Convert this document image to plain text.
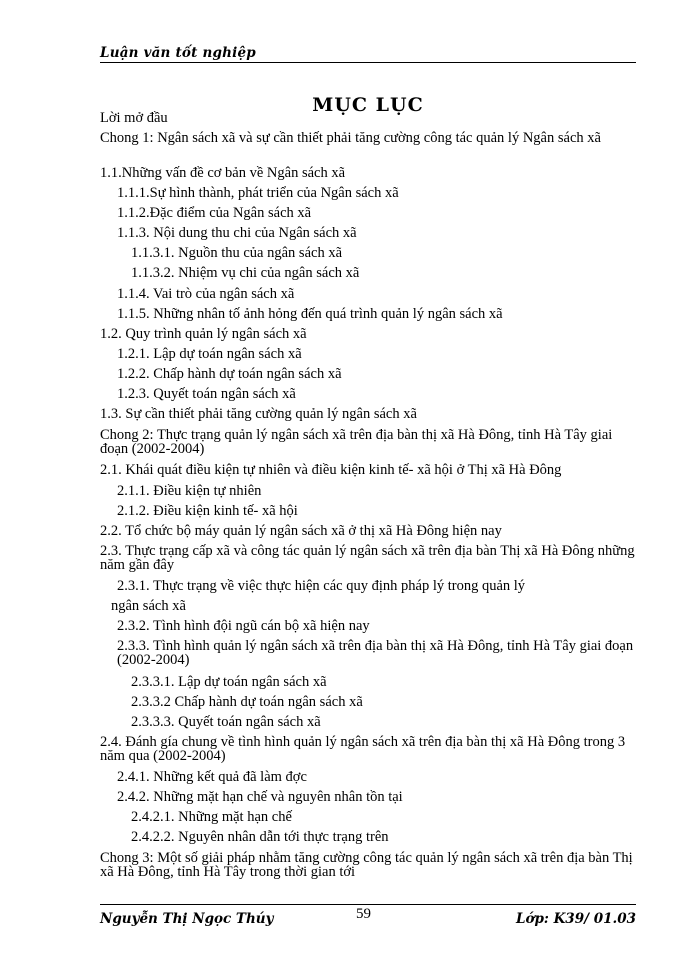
Luận văn tốt nghiệp
MỤC LỤC
Lời mở đầu
Chong 1: Ngân sách xã và sự cần thiết phải tăng cường công tác quản lý Ngân sách xã
1.1.Những vấn đề cơ bản về Ngân sách xã
1.1.1.Sự hình thành, phát triển của Ngân sách xã
1.1.2.Đặc điểm của Ngân sách xã
1.1.3. Nội dung thu chi của Ngân sách xã
1.1.3.1. Nguồn thu của ngân sách xã
1.1.3.2. Nhiệm vụ chi của ngân sách xã
1.1.4. Vai trò của ngân sách xã
1.1.5. Những nhân tố ảnh hỏng đến quá trình quản lý ngân sách xã
1.2. Quy trình quản lý ngân sách xã
1.2.1. Lập dự toán ngân sách xã
1.2.2. Chấp hành dự toán ngân sách xã
1.2.3. Quyết toán ngân sách xã
1.3. Sự cần thiết phải tăng cường quản lý ngân sách xã
Chong 2: Thực trạng quản lý ngân sách xã trên địa bàn thị xã Hà Đông, tỉnh Hà Tây giai đoạn (2002-2004)
2.1. Khái quát điều kiện tự nhiên và điều kiện kinh tế- xã hội ở Thị xã Hà Đông
2.1.1. Điều kiện tự nhiên
2.1.2. Điều kiện kinh tế- xã hội
2.2. Tổ chức bộ máy quản lý ngân sách xã ở thị xã Hà Đông hiện nay
2.3. Thực trạng cấp xã và công tác quản lý ngân sách xã trên địa bàn Thị xã Hà Đông những năm gần đây
2.3.1. Thực trạng về việc thực hiện các quy định pháp lý trong quản lý
ngân sách xã
2.3.2. Tình hình đội ngũ cán bộ xã hiện nay
2.3.3. Tình hình quản lý ngân sách xã trên địa bàn thị xã Hà Đông, tỉnh Hà Tây giai đoạn (2002-2004)
2.3.3.1. Lập dự toán ngân sách xã
2.3.3.2 Chấp hành dự toán ngân sách xã
2.3.3.3. Quyết toán ngân sách xã
2.4. Đánh gía chung về tình hình quản lý ngân sách xã trên địa bàn thị xã Hà Đông trong 3 năm qua (2002-2004)
2.4.1. Những kết quả đã làm đợc
2.4.2. Những mặt hạn chế và nguyên nhân tồn tại
2.4.2.1. Những mặt hạn chế
2.4.2.2. Nguyên nhân dẫn tới thực trạng trên
Chong 3: Một số giải pháp nhằm tăng cường công tác quản lý ngân sách xã trên địa bàn Thị xã Hà Đông, tỉnh Hà Tây trong thời gian tới
Nguyễn Thị Ngọc Thúy	59	Lớp: K39/ 01.03
